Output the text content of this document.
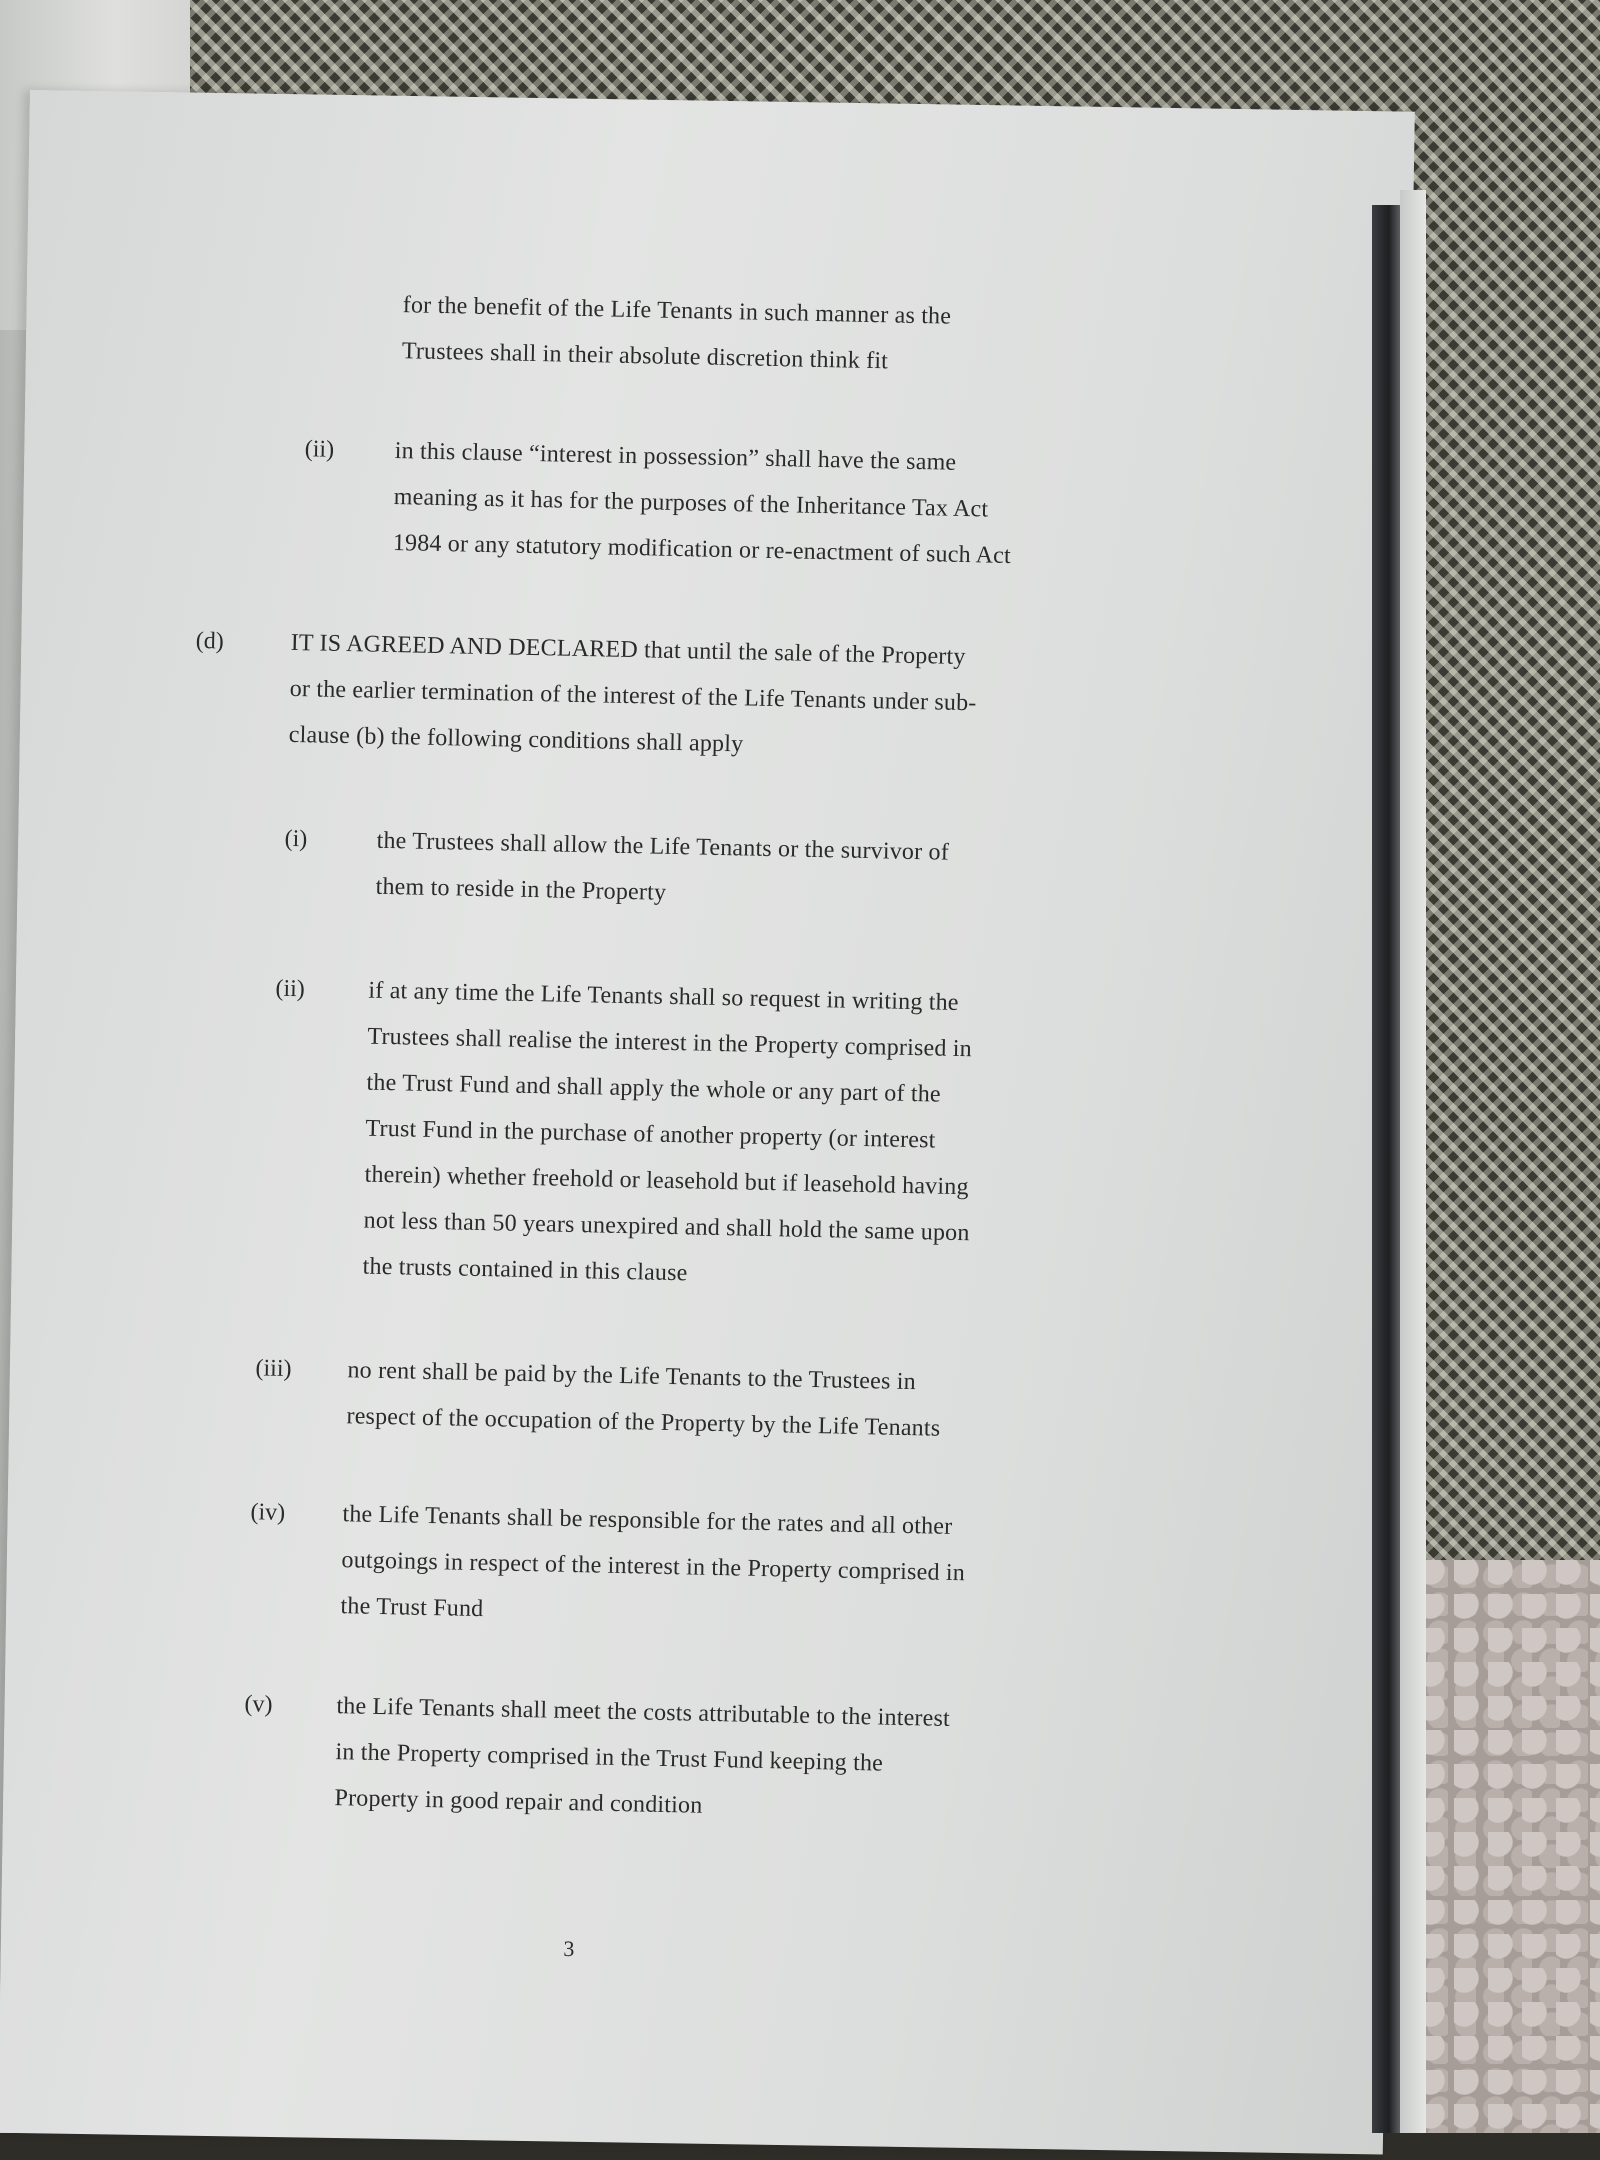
for the benefit of the Life Tenants in such manner as the
Trustees shall in their absolute discretion think fit
(ii)	in this clause “interest in possession” shall have the same
meaning as it has for the purposes of the Inheritance Tax Act
1984 or any statutory modification or re-enactment of such Act
(d)	IT IS AGREED AND DECLARED that until the sale of the Property
or the earlier termination of the interest of the Life Tenants under sub-
clause (b) the following conditions shall apply
(i)	the Trustees shall allow the Life Tenants or the survivor of
them to reside in the Property
(ii)	if at any time the Life Tenants shall so request in writing the
Trustees shall realise the interest in the Property comprised in
the Trust Fund and shall apply the whole or any part of the
Trust Fund in the purchase of another property (or interest
therein) whether freehold or leasehold but if leasehold having
not less than 50 years unexpired and shall hold the same upon
the trusts contained in this clause
(iii) no rent shall be paid by the Life Tenants to the Trustees in
respect of the occupation of the Property by the Life Tenants
(iv) the Life Tenants shall be responsible for the rates and all other
outgoings in respect of the interest in the Property comprised in
the Trust Fund
(v)	the Life Tenants shall meet the costs attributable to the interest
in the Property comprised in the Trust Fund keeping the
Property in good repair and condition
3
